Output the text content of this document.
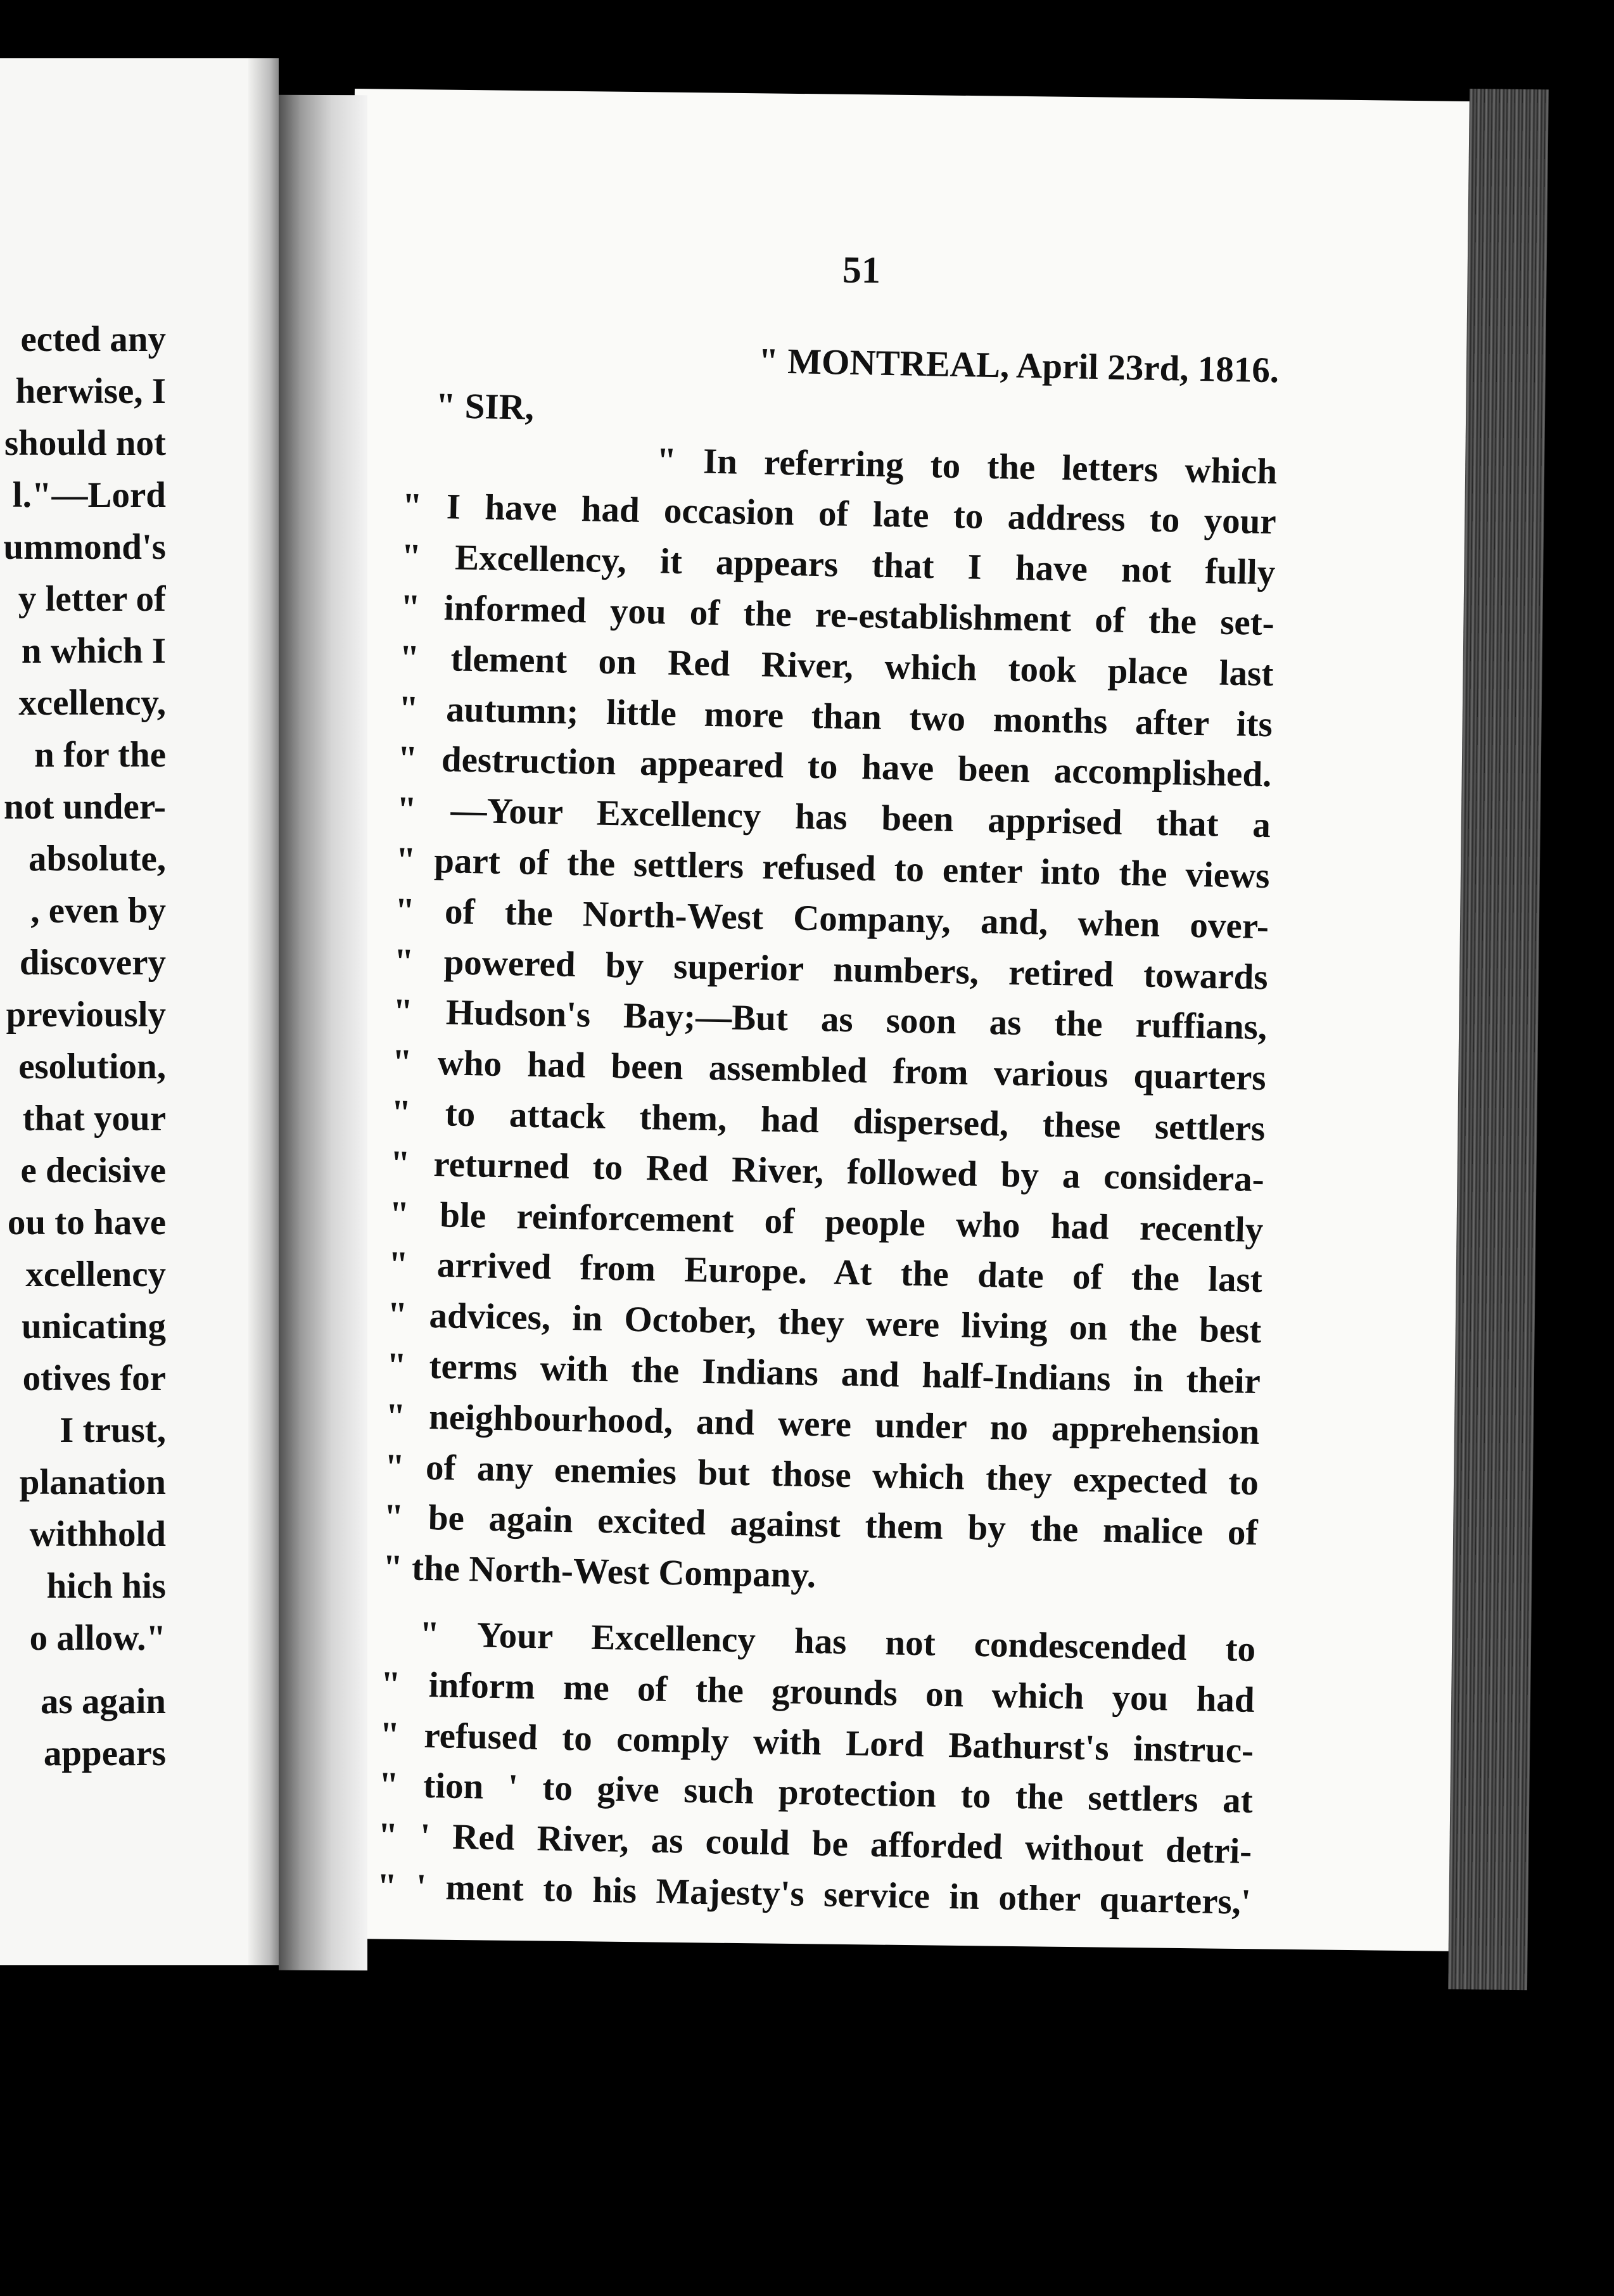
ected any
herwise, I
should not
l."—Lord
ummond's
y letter of
n which I
xcellency,
n for the
not under-
absolute,
, even by
discovery
previously
esolution,
that your
e decisive
ou to have
xcellency
unicating
otives for
I trust,
planation
withhold
hich his
o allow."
as again
appears
51
" MONTREAL, April 23rd, 1816.
" SIR,
" In referring to the letters which
" I have had occasion of late to address to your
" Excellency, it appears that I have not fully
" informed you of the re-establishment of the set-
" tlement on Red River, which took place last
" autumn; little more than two months after its
" destruction appeared to have been accomplished.
" —Your Excellency has been apprised that a
" part of the settlers refused to enter into the views
" of the North-West Company, and, when over-
" powered by superior numbers, retired towards
" Hudson's Bay;—But as soon as the ruffians,
" who had been assembled from various quarters
" to attack them, had dispersed, these settlers
" returned to Red River, followed by a considera-
" ble reinforcement of people who had recently
" arrived from Europe. At the date of the last
" advices, in October, they were living on the best
" terms with the Indians and half-Indians in their
" neighbourhood, and were under no apprehension
" of any enemies but those which they expected to
" be again excited against them by the malice of
" the North-West Company.
" Your Excellency has not condescended to
" inform me of the grounds on which you had
" refused to comply with Lord Bathurst's instruc-
" tion ' to give such protection to the settlers at
" ' Red River, as could be afforded without detri-
" ' ment to his Majesty's service in other quarters,'
